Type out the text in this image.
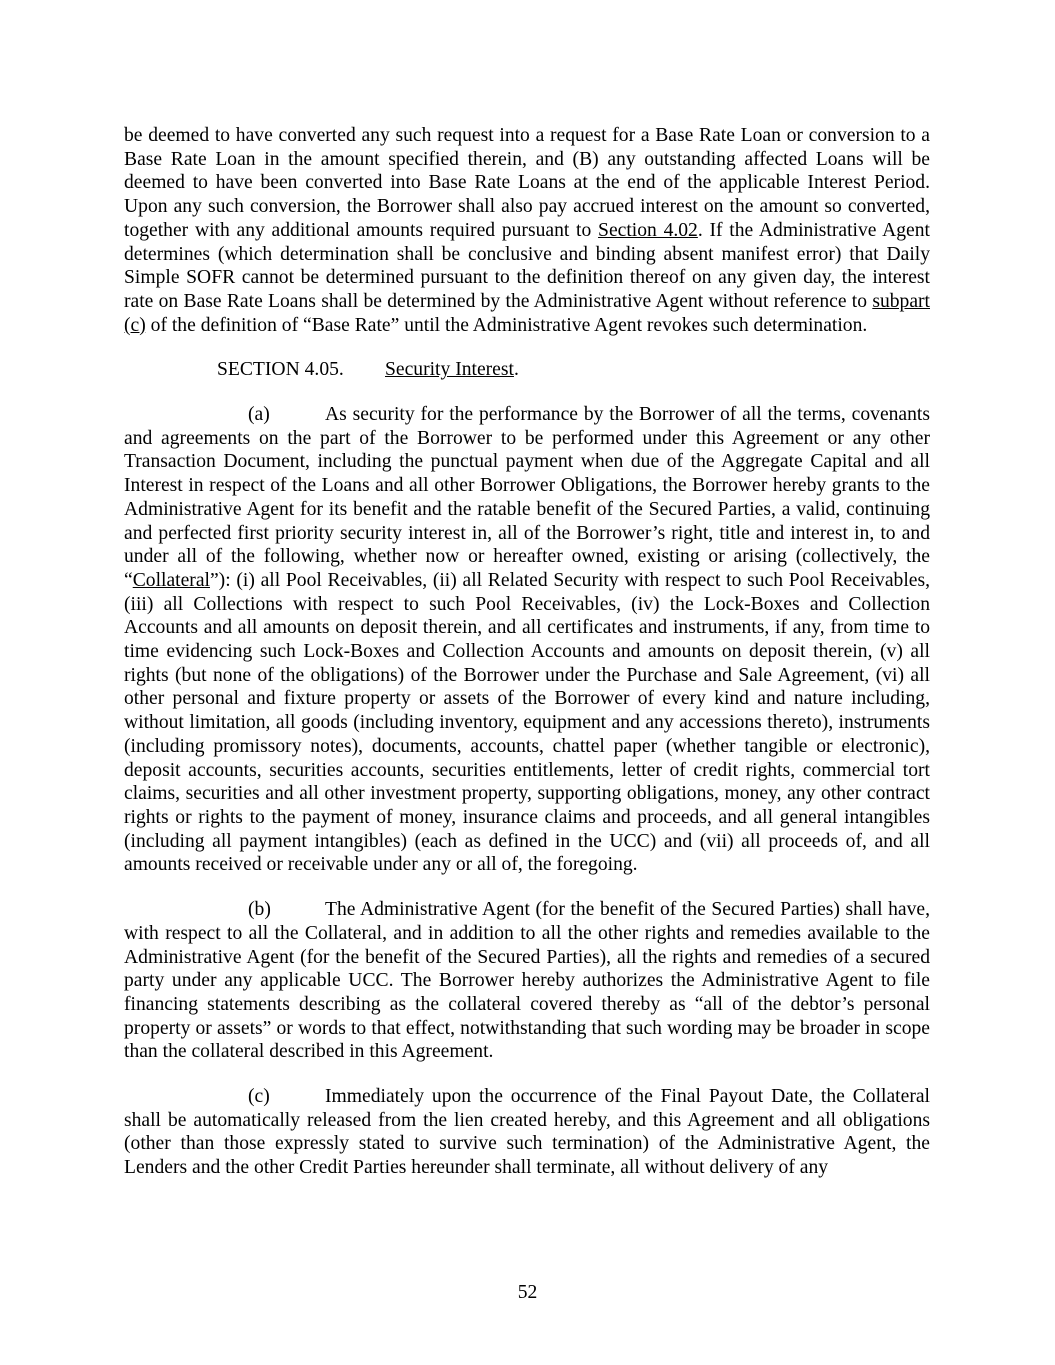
be deemed to have converted any such request into a request for a Base Rate Loan or conversion to a Base Rate Loan in the amount specified therein, and (B) any outstanding affected Loans will be deemed to have been converted into Base Rate Loans at the end of the applicable Interest Period. Upon any such conversion, the Borrower shall also pay accrued interest on the amount so converted, together with any additional amounts required pursuant to Section 4.02. If the Administrative Agent determines (which determination shall be conclusive and binding absent manifest error) that Daily Simple SOFR cannot be determined pursuant to the definition thereof on any given day, the interest rate on Base Rate Loans shall be determined by the Administrative Agent without reference to subpart (c) of the definition of “Base Rate” until the Administrative Agent revokes such determination.

SECTION 4.05. Security Interest.

(a)	As security for the performance by the Borrower of all the terms, covenants and agreements on the part of the Borrower to be performed under this Agreement or any other Transaction Document, including the punctual payment when due of the Aggregate Capital and all Interest in respect of the Loans and all other Borrower Obligations, the Borrower hereby grants to the Administrative Agent for its benefit and the ratable benefit of the Secured Parties, a valid, continuing and perfected first priority security interest in, all of the Borrower’s right, title and interest in, to and under all of the following, whether now or hereafter owned, existing or arising (collectively, the “Collateral”): (i) all Pool Receivables, (ii) all Related Security with respect to such Pool Receivables, (iii) all Collections with respect to such Pool Receivables, (iv) the Lock-Boxes and Collection Accounts and all amounts on deposit therein, and all certificates and instruments, if any, from time to time evidencing such Lock-Boxes and Collection Accounts and amounts on deposit therein, (v) all rights (but none of the obligations) of the Borrower under the Purchase and Sale Agreement, (vi) all other personal and fixture property or assets of the Borrower of every kind and nature including, without limitation, all goods (including inventory, equipment and any accessions thereto), instruments (including promissory notes), documents, accounts, chattel paper (whether tangible or electronic), deposit accounts, securities accounts, securities entitlements, letter of credit rights, commercial tort claims, securities and all other investment property, supporting obligations, money, any other contract rights or rights to the payment of money, insurance claims and proceeds, and all general intangibles (including all payment intangibles) (each as defined in the UCC) and (vii) all proceeds of, and all amounts received or receivable under any or all of, the foregoing.

(b)	The Administrative Agent (for the benefit of the Secured Parties) shall have, with respect to all the Collateral, and in addition to all the other rights and remedies available to the Administrative Agent (for the benefit of the Secured Parties), all the rights and remedies of a secured party under any applicable UCC. The Borrower hereby authorizes the Administrative Agent to file financing statements describing as the collateral covered thereby as “all of the debtor’s personal property or assets” or words to that effect, notwithstanding that such wording may be broader in scope than the collateral described in this Agreement.

(c)	Immediately upon the occurrence of the Final Payout Date, the Collateral shall be automatically released from the lien created hereby, and this Agreement and all obligations (other than those expressly stated to survive such termination) of the Administrative Agent, the Lenders and the other Credit Parties hereunder shall terminate, all without delivery of any

52
